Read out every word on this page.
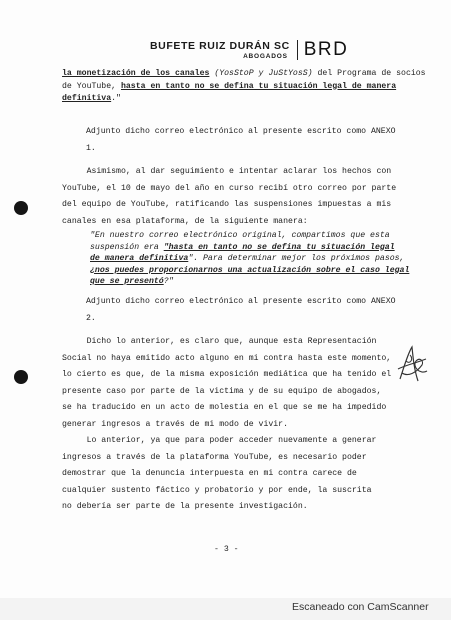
BUFETE RUIZ DURÁN SC
ABOGADOS BRD
la monetización de los canales (YosStoP y JuStYosS) del Programa de socios
de YouTube, hasta en tanto no se defina tu situación legal de manera
definitiva."
Adjunto dicho correo electrónico al presente escrito como ANEXO
1.
Asimismo, al dar seguimiento e intentar aclarar los hechos con
YouTube, el 10 de mayo del año en curso recibí otro correo por parte
del equipo de YouTube, ratificando las suspensiones impuestas a mis
canales en esa plataforma, de la siguiente manera:
"En nuestro correo electrónico original, compartimos que esta
suspensión era "hasta en tanto no se defina tu situación legal
de manera definitiva". Para determinar mejor los próximos pasos,
¿nos puedes proporcionarnos una actualización sobre el caso legal
que se presentó?"
Adjunto dicho correo electrónico al presente escrito como ANEXO
2.
Dicho lo anterior, es claro que, aunque esta Representación
Social no haya emitido acto alguno en mi contra hasta este momento,
lo cierto es que, de la misma exposición mediática que ha tenido el
presente caso por parte de la victima y de su equipo de abogados,
se ha traducido en un acto de molestia en el que se me ha impedido
generar ingresos a través de mi modo de vivir.
Lo anterior, ya que para poder acceder nuevamente a generar
ingresos a través de la plataforma YouTube, es necesario poder
demostrar que la denuncia interpuesta en mi contra carece de
cualquier sustento fáctico y probatorio y por ende, la suscrita
no debería ser parte de la presente investigación.
- 3 -
Escaneado con CamScanner
